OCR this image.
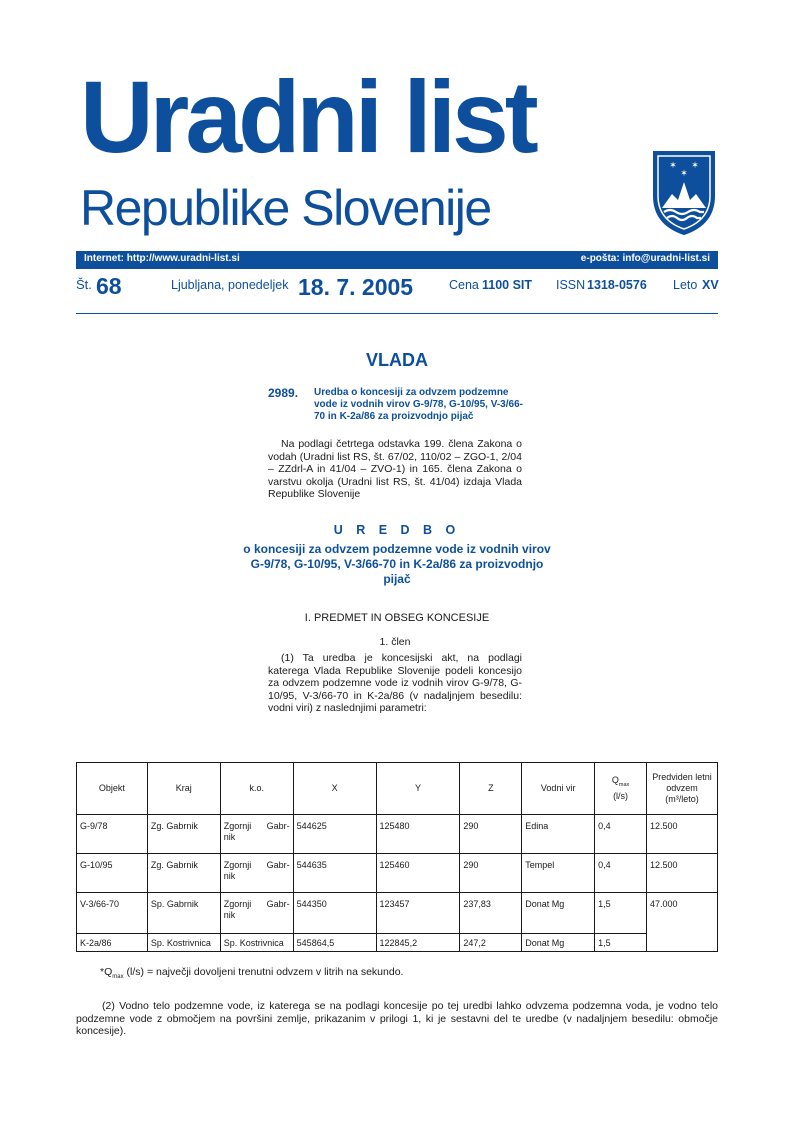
Uradni list
Republike Slovenije
✶ ✶
✶
Internet: http://www.uradni-list.si	e-pošta: info@uradni-list.si
Št. 68	Ljubljana, ponedeljek 18. 7. 2005	Cena 1100 SIT ISSN 1318-0576 Leto XV
VLADA
2989. Uredba o koncesiji za odvzem podzemne vode iz vodnih virov G-9/78, G-10/95, V-3/66-70 in K-2a/86 za proizvodnjo pijač
Na podlagi četrtega odstavka 199. člena Zakona o vodah (Uradni list RS, št. 67/02, 110/02 – ZGO-1, 2/04 – ZZdrl-A in 41/04 – ZVO-1) in 165. člena Zakona o varstvu okolja (Uradni list RS, št. 41/04) izdaja Vlada Republike Slovenije
U R E D B O
o koncesiji za odvzem podzemne vode iz vodnih virov G-9/78, G-10/95, V-3/66-70 in K-2a/86 za proizvodnjo pijač
I. PREDMET IN OBSEG KONCESIJE
1. člen
(1) Ta uredba je koncesijski akt, na podlagi katerega Vlada Republike Slovenije podeli koncesijo za odvzem podzemne vode iz vodnih virov G-9/78, G-10/95, V-3/66-70 in K-2a/86 (v nadaljnjem besedilu: vodni viri) z naslednjimi parametri:
Objekt	Kraj	k.o.	X	Y	Z	Vodni vir	$Q_{max}$
(l/s)	Predviden letni
odvzem
(m³/leto)
G-9/78	Zg. Gabrnik	Zgornji Gabr-
nik	544625	125480	290	Edina	0,4	12.500
G-10/95	Zg. Gabrnik	Zgornji Gabr-
nik	544635	125460	290	Tempel	0,4	12.500
V-3/66-70	Sp. Gabrnik	Zgornji Gabr-
nik	544350	123457	237,83	Donat Mg	1,5	47.000
K-2a/86	Sp. Kostrivnica	Sp. Kostrivnica	545864,5	122845,2	247,2	Donat Mg	1,5	
$*Q_{max}$ (l/s) = največji dovoljeni trenutni odvzem v litrih na sekundo.
(2) Vodno telo podzemne vode, iz katerega se na podlagi koncesije po tej uredbi lahko odvzema podzemna voda, je vodno telo podzemne vode z območjem na površini zemlje, prikazanim v prilogi 1, ki je sestavni del te uredbe (v nadaljnjem besedilu: območje koncesije).
